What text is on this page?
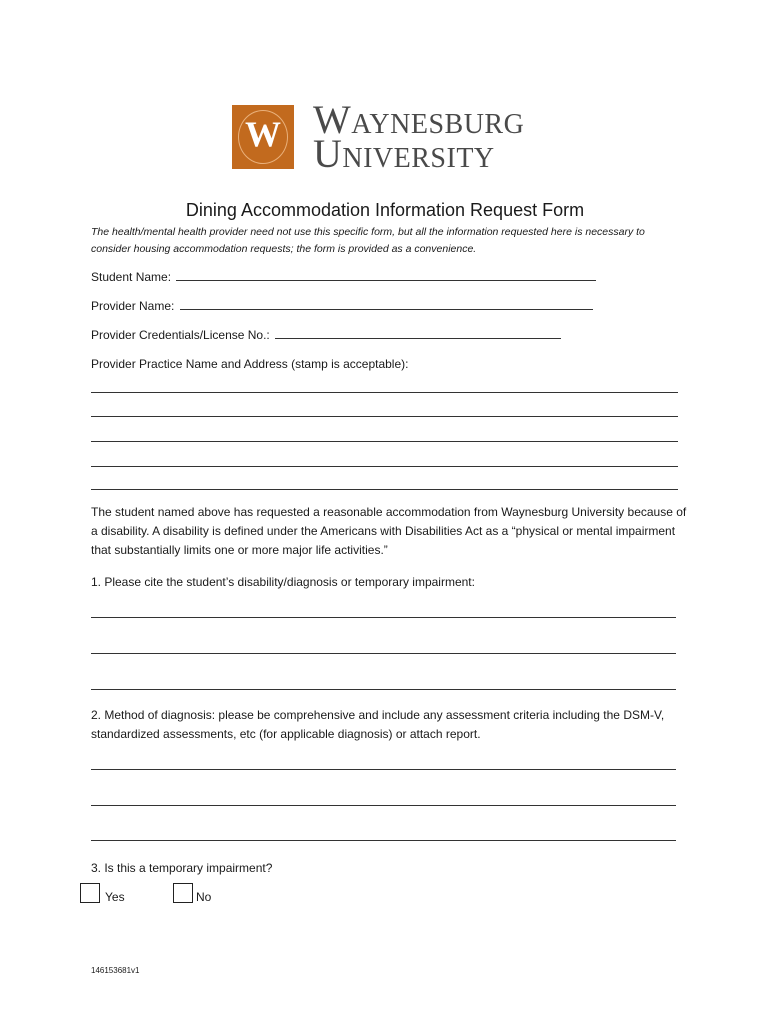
W Waynesburg
University
Dining Accommodation Information Request Form
The health/mental health provider need not use this specific form, but all the information requested here is necessary to consider housing accommodation requests; the form is provided as a convenience.
Student Name:
Provider Name:
Provider Credentials/License No.:
Provider Practice Name and Address (stamp is acceptable):
The student named above has requested a reasonable accommodation from Waynesburg University because of a disability. A disability is defined under the Americans with Disabilities Act as a “physical or mental impairment that substantially limits one or more major life activities.”
1. Please cite the student’s disability/diagnosis or temporary impairment:
2. Method of diagnosis: please be comprehensive and include any assessment criteria including the DSM-V, standardized assessments, etc (for applicable diagnosis) or attach report.
3. Is this a temporary impairment?
Yes	No
146153681v1
